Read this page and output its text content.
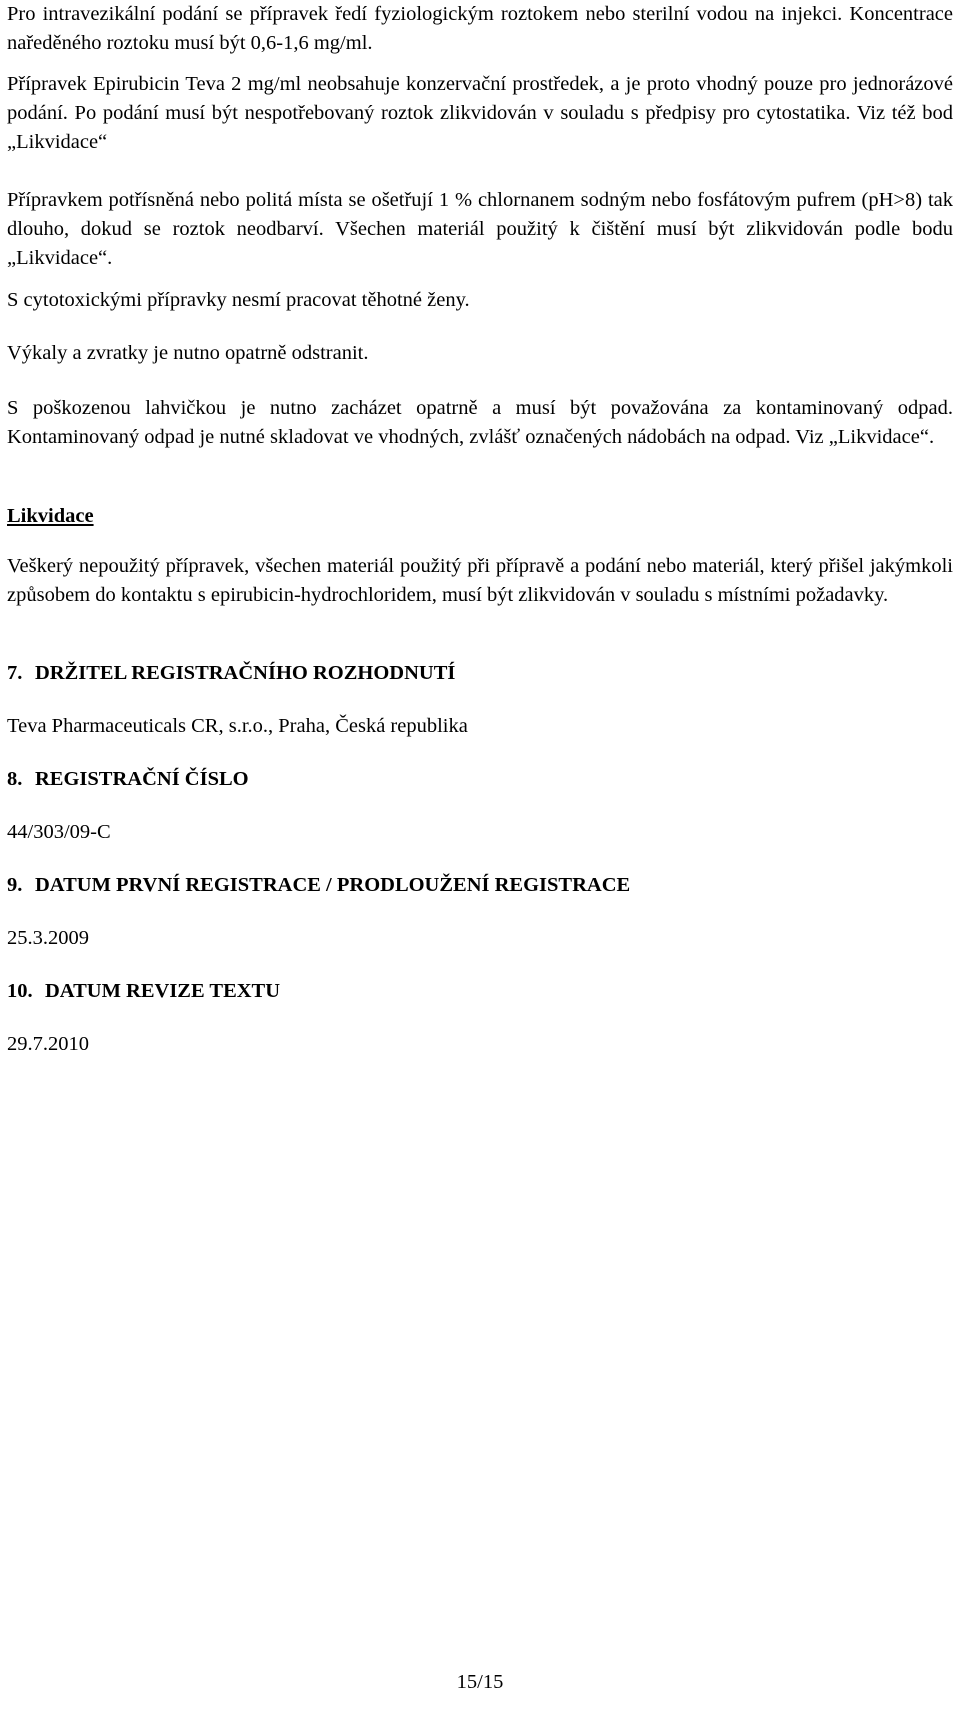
Pro intravezikální podání se přípravek ředí fyziologickým roztokem nebo sterilní vodou na injekci. Koncentrace naředěného roztoku musí být 0,6-1,6 mg/ml.

Přípravek Epirubicin Teva 2 mg/ml neobsahuje konzervační prostředek, a je proto vhodný pouze pro jednorázové podání. Po podání musí být nespotřebovaný roztok zlikvidován v souladu s předpisy pro cytostatika. Viz též bod „Likvidace“

Přípravkem potřísněná nebo politá místa se ošetřují 1 % chlornanem sodným nebo fosfátovým pufrem (pH>8) tak dlouho, dokud se roztok neodbarví. Všechen materiál použitý k čištění musí být zlikvidován podle bodu „Likvidace“.

S cytotoxickými přípravky nesmí pracovat těhotné ženy.

Výkaly a zvratky je nutno opatrně odstranit.

S poškozenou lahvičkou je nutno zacházet opatrně a musí být považována za kontaminovaný odpad. Kontaminovaný odpad je nutné skladovat ve vhodných, zvlášť označených nádobách na odpad. Viz „Likvidace“.

Likvidace

Veškerý nepoužitý přípravek, všechen materiál použitý při přípravě a podání nebo materiál, který přišel jakýmkoli způsobem do kontaktu s epirubicin-hydrochloridem, musí být zlikvidován v souladu s místními požadavky.

7. DRŽITEL REGISTRAČNÍHO ROZHODNUTÍ

Teva Pharmaceuticals CR, s.r.o., Praha, Česká republika

8. REGISTRAČNÍ ČÍSLO

44/303/09-C

9. DATUM PRVNÍ REGISTRACE / PRODLOUŽENÍ REGISTRACE

25.3.2009

10. DATUM REVIZE TEXTU

29.7.2010

15/15
